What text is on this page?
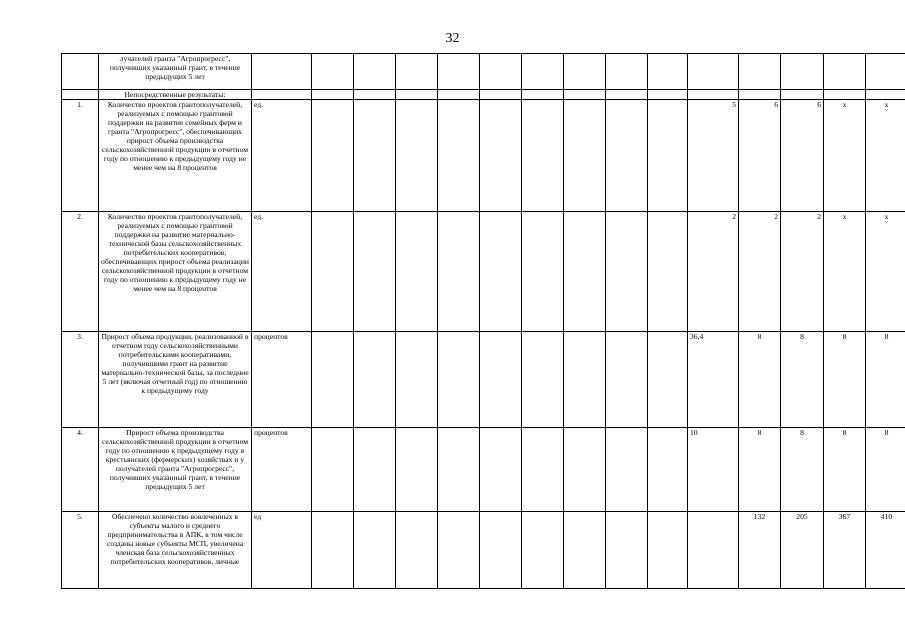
32
	лучателей гранта "Агропрогресс", получивших указанный грант, в течение предыдущих 5 лет																
	Непосредственные результаты:																
1.	Количество проектов грантополучателей, реализуемых с помощью грантовой поддержки на развитие семейных ферм и гранта "Агропрогресс", обеспечивающих прирост объема производства сельскохозяйственной продукции в отчетном году по отношению к предыдущему году не менее чем на 8 процентов	ед.										5	6	6	х	х	
2.	Количество проектов грантополучателей, реализуемых с помощью грантовой поддержки на развитие материально-технической базы сельскохозяйственных потребительских кооперативов, обеспечивающих прирост объема реализации сельскохозяйственной продукции в отчетном году по отношению к предыдущему году не менее чем на 8 процентов	ед.										2	2	2	х	х	
3.	Прирост объема продукции, реализованной в отчетном году сельскохозяйственными потребительскими кооперативами, получившими грант на развитие материально-технической базы, за последние 5 лет (включая отчетный год) по отношению к предыдущему году	процентов										36,4	8	8	8	8	
4.	Прирост объема производства сельскохозяйственной продукции в отчетном году по отношению к предыдущему году в крестьянских (фермерских) хозяйствах и у получателей гранта "Агропрогресс", получивших указанный грант, в течение предыдущих 5 лет	процентов										10	8	8	8	8	
5.	Обеспечено количество вовлеченных в субъекты малого и среднего предпринимательства в АПК, в том числе созданы новые субъекты МСП, увеличена членская база сельскохозяйственных потребительских кооперативов, личные	ед											132	205	367	410	
